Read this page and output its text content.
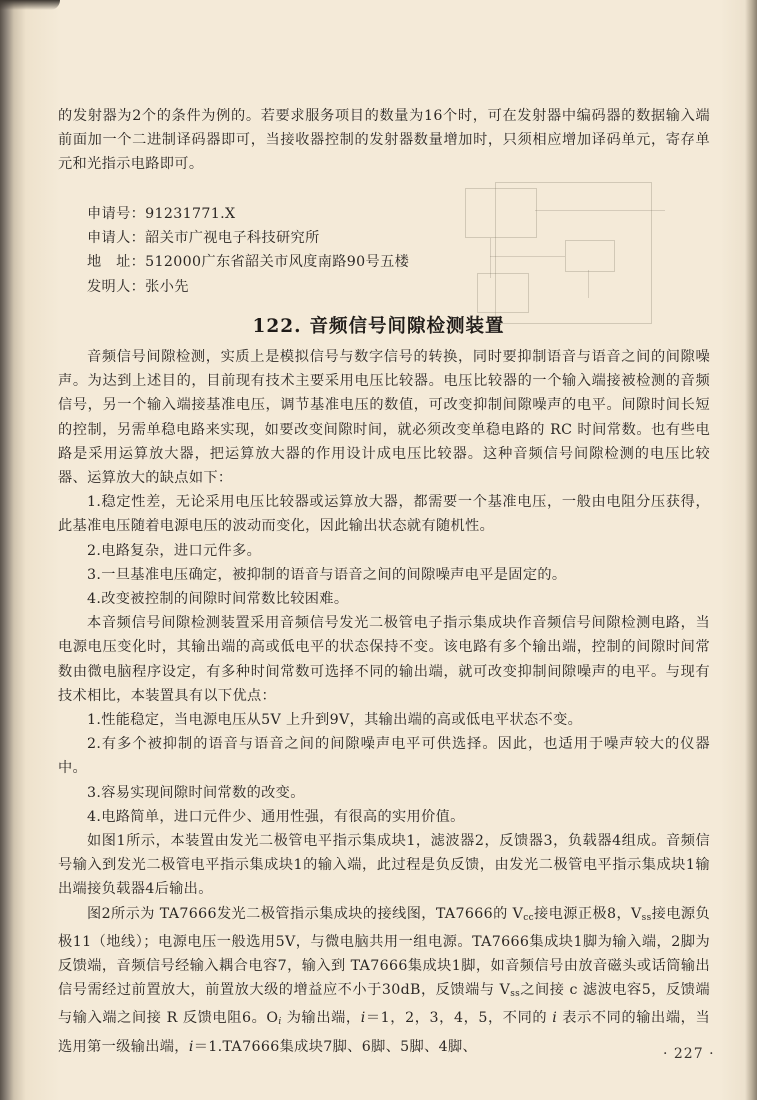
的发射器为2个的条件为例的。若要求服务项目的数量为16个时，可在发射器中编码器的数据输入端前面加一个二进制译码器即可，当接收器控制的发射器数量增加时，只须相应增加译码单元，寄存单元和光指示电路即可。

申请号：91231771.X
申请人：韶关市广视电子科技研究所
地　址：512000广东省韶关市风度南路90号五楼
发明人：张小先
122. 音频信号间隙检测装置

音频信号间隙检测，实质上是模拟信号与数字信号的转换，同时要抑制语音与语音之间的间隙噪声。为达到上述目的，目前现有技术主要采用电压比较器。电压比较器的一个输入端接被检测的音频信号，另一个输入端接基准电压，调节基准电压的数值，可改变抑制间隙噪声的电平。间隙时间长短的控制，另需单稳电路来实现，如要改变间隙时间，就必须改变单稳电路的 RC 时间常数。也有些电路是采用运算放大器，把运算放大器的作用设计成电压比较器。这种音频信号间隙检测的电压比较器、运算放大的缺点如下：

1.稳定性差，无论采用电压比较器或运算放大器，都需要一个基准电压，一般由电阻分压获得，此基准电压随着电源电压的波动而变化，因此输出状态就有随机性。

2.电路复杂，进口元件多。

3.一旦基准电压确定，被抑制的语音与语音之间的间隙噪声电平是固定的。

4.改变被控制的间隙时间常数比较困难。

本音频信号间隙检测装置采用音频信号发光二极管电子指示集成块作音频信号间隙检测电路，当电源电压变化时，其输出端的高或低电平的状态保持不变。该电路有多个输出端，控制的间隙时间常数由微电脑程序设定，有多种时间常数可选择不同的输出端，就可改变抑制间隙噪声的电平。与现有技术相比，本装置具有以下优点：

1.性能稳定，当电源电压从5V 上升到9V，其输出端的高或低电平状态不变。

2.有多个被抑制的语音与语音之间的间隙噪声电平可供选择。因此，也适用于噪声较大的仪器中。

3.容易实现间隙时间常数的改变。

4.电路简单，进口元件少、通用性强，有很高的实用价值。

如图1所示，本装置由发光二极管电平指示集成块1，滤波器2，反馈器3，负载器4组成。音频信号输入到发光二极管电平指示集成块1的输入端，此过程是负反馈，由发光二极管电平指示集成块1输出端接负载器4后输出。

图2所示为 TA7666发光二极管指示集成块的接线图，TA7666的 $V_{cc}$接电源正极8，$V_{ss}$接电源负极11（地线）；电源电压一般选用5V，与微电脑共用一组电源。TA7666集成块1脚为输入端，2脚为反馈端，音频信号经输入耦合电容7，输入到 TA7666集成块1脚，如音频信号由放音磁头或话筒输出信号需经过前置放大，前置放大级的增益应不小于30dB，反馈端与 $V_{ss}$之间接 c 滤波电容5，反馈端与输入端之间接 R 反馈电阻6。$O_i$ 为输出端，i＝1，2，3，4，5，不同的 i 表示不同的输出端，当选用第一级输出端，i＝1.TA7666集成块7脚、6脚、5脚、4脚、	· 227 ·
